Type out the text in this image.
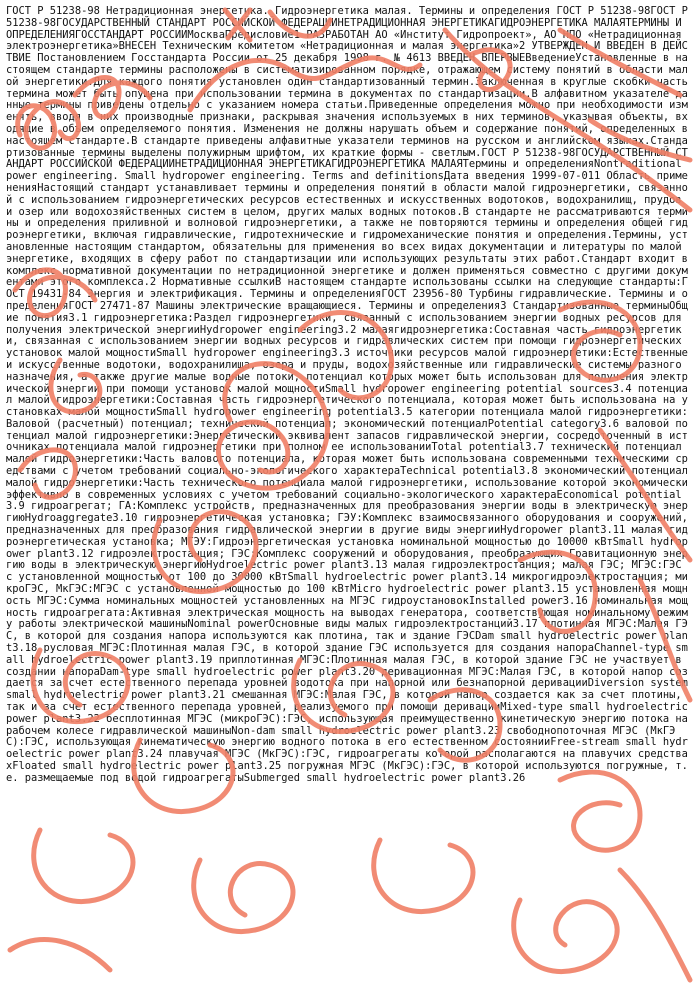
ГОСТ Р 51238-98 Нетрадиционная энергетика. Гидроэнергетика малая. Термины и определения ГОСТ Р 51238-98ГОСТ Р 51238-98ГОСУДАРСТВЕННЫЙ СТАНДАРТ РОССИЙСКОЙ ФЕДЕРАЦИИНЕТРАДИЦИОННАЯ ЭНЕРГЕТИКАГИДРОЭНЕРГЕТИКА МАЛАЯТЕРМИНЫ И ОПРЕДЕЛЕНИЯГОССТАНДАРТ РОССИИМоскваПредисловие1 РАЗРАБОТАН АО «Институт Гидропроект», АО НПО «Нетрадиционная электроэнергетика»ВНЕСЕН Техническим комитетом «Нетрадиционная и малая энергетика»2 УТВЕРЖДЕН И ВВЕДЕН В ДЕЙСТВИЕ Постановлением Госстандарта России от 25 декабря 1998 г. № 4613 ВВЕДЕН ВПЕРВЫЕВведениеУстановленные в настоящем стандарте термины расположены в систематизированном порядке, отражающем систему понятий в области малой энергетики.Для каждого понятия установлен один стандартизованный термин.Заключенная в круглые скобки часть термина может быть опущена при использовании термина в документах по стандартизации.В алфавитном указателе данные термины приведены отдельно с указанием номера статьи.Приведенные определения можно при необходимости изменять, вводя в них производные признаки, раскрывая значения используемых в них терминов, указывая объекты, входящие в объем определяемого понятия. Изменения не должны нарушать объем и содержание понятий, определенных в настоящем стандарте.В стандарте приведены алфавитные указатели терминов на русском и английском языках.Стандартизованные термины выделены полужирным шрифтом, их краткие формы - светлым.ГОСТ Р 51238-98ГОСУДАРСТВЕННЫЙ СТАНДАРТ РОССИЙСКОЙ ФЕДЕРАЦИИНЕТРАДИЦИОННАЯ ЭНЕРГЕТИКАГИДРОЭНЕРГЕТИКА МАЛАЯТермины и определенияNontraditional power engineering. Small hydropower engineering. Terms and definitionsДата введения 1999-07-011 Область примененияНастоящий стандарт устанавливает термины и определения понятий в области малой гидроэнергетики, связанной с использованием гидроэнергетических ресурсов естественных и искусственных водотоков, водохранилищ, прудов и озер или водохозяйственных систем в целом, других малых водных потоков.В стандарте не рассматриваются термины и определения приливной и волновой гидроэнергетики, а также не повторяются термины и определения общей гидроэнергетики, включая гидравлические, гидротехнические и гидромеханические понятия и определения.Термины, установленные настоящим стандартом, обязательны для применения во всех видах документации и литературы по малой энергетике, входящих в сферу работ по стандартизации или использующих результаты этих работ.Стандарт входит в комплекс нормативной документации по нетрадиционной энергетике и должен применяться совместно с другими документами этого комплекса.2 Нормативные ссылкиВ настоящем стандарте использованы ссылки на следующие стандарты:ГОСТ 19431-84 Энергия и электрификация. Термины и определенияГОСТ 23956-80 Турбины гидравлические. Термины и определенияГОСТ 27471-87 Машины электрические вращающиеся. Термины и определения3 Стандартизованные терминыОбщие понятия3.1 гидроэнергетика:Раздел гидроэнергетики, связанный с использованием энергии водных ресурсов для получения электрической энергииHydropower engineering3.2 малаягидроэнергетика:Составная часть гидроэнергетики, связанная с использованием энергии водных ресурсов и гидравлических систем при помощи гидроэнергетических установок малой мощностиSmall hydropower engineering3.3 источники ресурсов малой гидроэнергетики:Естественные и искусственные водотоки, водохранилища, озера и пруды, водохозяйственные или гидравлические системы разного назначения, а также другие малые водные потоки, потенциал которых может быть использован для получения электрической энергии при помощи установок малой мощностиSmall hydropower engineering potential sources3.4 потенциал малой гидроэнергетики:Составная часть гидроэнергетического потенциала, которая может быть использована на установках малой мощностиSmall hydropower engineering potential3.5 категории потенциала малой гидроэнергетики:Валовой (расчетный) потенциал; технический потенциал; экономический потенциалPotential category3.6 валовой потенциал малой гидроэнергетики:Энергетический эквивалент запасов гидравлической энергии, сосредоточенный в источниках потенциала малой гидроэнергетики при полном ее использованииTotal potential3.7 технический потенциал малой гидроэнергетики:Часть валового потенциала, которая может быть использована современными техническими средствами с учетом требований социально-экологического характераTechnical potential3.8 экономический потенциал малой гидроэнергетики:Часть технического потенциала малой гидроэнергетики, использование которой экономически эффективно в современных условиях с учетом требований социально-экологического характераEconomical potential3.9 гидроагрегат; ГА:Комплекс устройств, предназначенных для преобразования энергии воды в электрическую энергиюHydroaggregate3.10 гидроэнергетическая установка; ГЭУ:Комплекс взаимосвязанного оборудования и сооружений, предназначенных для преобразования гидравлической энергии в другие виды энергииHydropower plant3.11 малая гидроэнергетическая установка; МГЭУ:Гидроэнергетическая установка номинальной мощностью до 10000 кВтSmall hydropower plant3.12 гидроэлектростанция; ГЭС:Комплекс сооружений и оборудования, преобразующих Гравитационную энергию воды в электрическую энергиюHydroelectric power plant3.13 малая гидроэлектростанция; малая ГЭС; МГЭС:ГЭС с установленной мощностью от 100 до 30000 кВтSmall hydroelectric power plant3.14 микрогидроэлектростанция; микроГЭС, МкГЭС:МГЭС с установленной мощностью до 100 кВтMicro hydroelectric power plant3.15 установленная мощность МГЭС:Сумма номинальных мощностей установленных на МГЭС гидроустановокInstalled power3.16 номинальная мощность гидроагрегата:Активная электрическая мощность на выводах генератора, соответствующая номинальному режиму работы электрической машиныNominal powerОсновные виды малых гидроэлектростанций3.17 плотинная МГЭС:Малая ГЭС, в которой для создания напора используются как плотина, так и здание ГЭСDam small hydroelectric power plant3.18 русловая МГЭС:Плотинная малая ГЭС, в которой здание ГЭС используется для создания напораChannel-type small hydroelectric power plant3.19 приплотинная МГЭС:Плотинная малая ГЭС, в которой здание ГЭС не участвует в создании напораDam-type small hydroelectric power plant3.20 деривационная МГЭС:Малая ГЭС, в которой напор создается за счет естественного перепада уровней водотока при напорной или безнапорной деривацииDiversion system small hydroelectric power plant3.21 смешанная МГЭС:Малая ГЭС, в которой напор создается как за счет плотины, так и за счет естественного перепада уровней, реализуемого при помощи деривацииMixed-type small hydroelectric power plant3.22 бесплотинная МГЭС (микроГЭС):ГЭС, использующая преимущественно кинетическую энергию потока на рабочем колесе гидравлической машиныNon-dam small hydroelectric power plant3.23 свободнопоточная МГЭС (МкГЭС):ГЭС, использующая кинематическую энергию водного потока в его естественном состоянииFree-stream small hydroelectric power plant3.24 плавучая МГЭС (МкГЭС):ГЭС, гидроагрегаты которой располагаются на плавучих средствахFloated small hydroelectric power plant3.25 погружная МГЭС (МкГЭС):ГЭС, в которой используются погружные, т. е. размещаемые под водой гидроагрегатыSubmerged small hydroelectric power plant3.26
